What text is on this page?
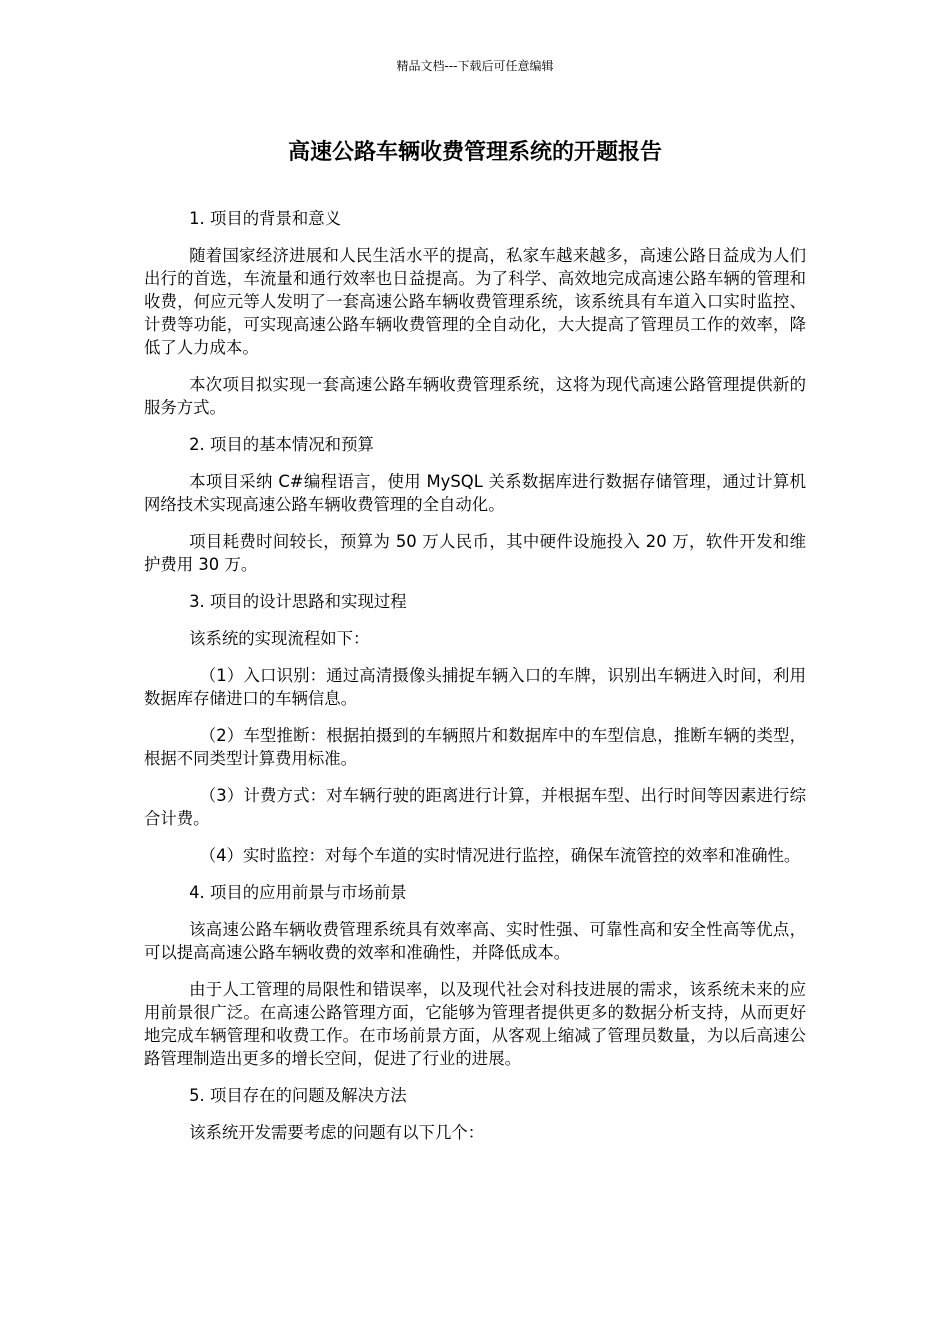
精品文档---下载后可任意编辑
高速公路车辆收费管理系统的开题报告

1. 项目的背景和意义

随着国家经济进展和人民生活水平的提高，私家车越来越多，高速公路日益成为人们出行的首选，车流量和通行效率也日益提高。为了科学、高效地完成高速公路车辆的管理和收费，何应元等人发明了一套高速公路车辆收费管理系统，该系统具有车道入口实时监控、计费等功能，可实现高速公路车辆收费管理的全自动化，大大提高了管理员工作的效率，降低了人力成本。

本次项目拟实现一套高速公路车辆收费管理系统，这将为现代高速公路管理提供新的服务方式。

2. 项目的基本情况和预算

本项目采纳 C#编程语言，使用 MySQL 关系数据库进行数据存储管理，通过计算机网络技术实现高速公路车辆收费管理的全自动化。

项目耗费时间较长，预算为 50 万人民币，其中硬件设施投入 20 万，软件开发和维护费用 30 万。

3. 项目的设计思路和实现过程

该系统的实现流程如下：

（1）入口识别：通过高清摄像头捕捉车辆入口的车牌，识别出车辆进入时间，利用数据库存储进口的车辆信息。

（2）车型推断：根据拍摄到的车辆照片和数据库中的车型信息，推断车辆的类型，根据不同类型计算费用标准。

（3）计费方式：对车辆行驶的距离进行计算，并根据车型、出行时间等因素进行综合计费。

（4）实时监控：对每个车道的实时情况进行监控，确保车流管控的效率和准确性。

4. 项目的应用前景与市场前景

该高速公路车辆收费管理系统具有效率高、实时性强、可靠性高和安全性高等优点，可以提高高速公路车辆收费的效率和准确性，并降低成本。

由于人工管理的局限性和错误率，以及现代社会对科技进展的需求，该系统未来的应用前景很广泛。在高速公路管理方面，它能够为管理者提供更多的数据分析支持，从而更好地完成车辆管理和收费工作。在市场前景方面，从客观上缩减了管理员数量，为以后高速公路管理制造出更多的增长空间，促进了行业的进展。

5. 项目存在的问题及解决方法

该系统开发需要考虑的问题有以下几个：
